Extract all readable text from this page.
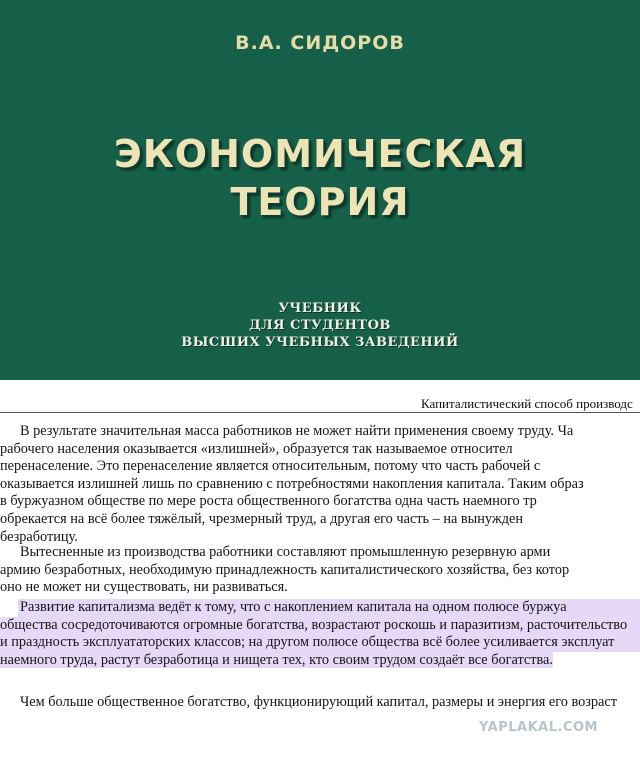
В.А. СИДОРОВ
ЭКОНОМИЧЕСКАЯ
ТЕОРИЯ
УЧЕБНИК
ДЛЯ СТУДЕНТОВ
ВЫСШИХ УЧЕБНЫХ ЗАВЕДЕНИЙ
Капиталистический способ производс
В результате значительная масса работников не может найти применения своему труду. Ча
рабочего населения оказывается «излишней», образуется так называемое относител
перенаселение. Это перенаселение является относительным, потому что часть рабочей с
оказывается излишней лишь по сравнению с потребностями накопления капитала. Таким образ
в буржуазном обществе по мере роста общественного богатства одна часть наемного тр
обрекается на всё более тяжёлый, чрезмерный труд, а другая его часть – на вынужден
безработицу.
Вытесненные из производства работники составляют промышленную резервную арми
армию безработных, необходимую принадлежность капиталистического хозяйства, без котор
оно не может ни существовать, ни развиваться.
Развитие капитализма ведёт к тому, что с накоплением капитала на одном полюсе буржуа
общества сосредоточиваются огромные богатства, возрастают роскошь и паразитизм, расточительство
и праздность эксплуататорских классов; на другом полюсе общества всё более усиливается эксплуат
наемного труда, растут безработица и нищета тех, кто своим трудом создаёт все богатства.
Чем больше общественное богатство, функционирующий капитал, размеры и энергия его возраст
YAPLAKAL.COM
